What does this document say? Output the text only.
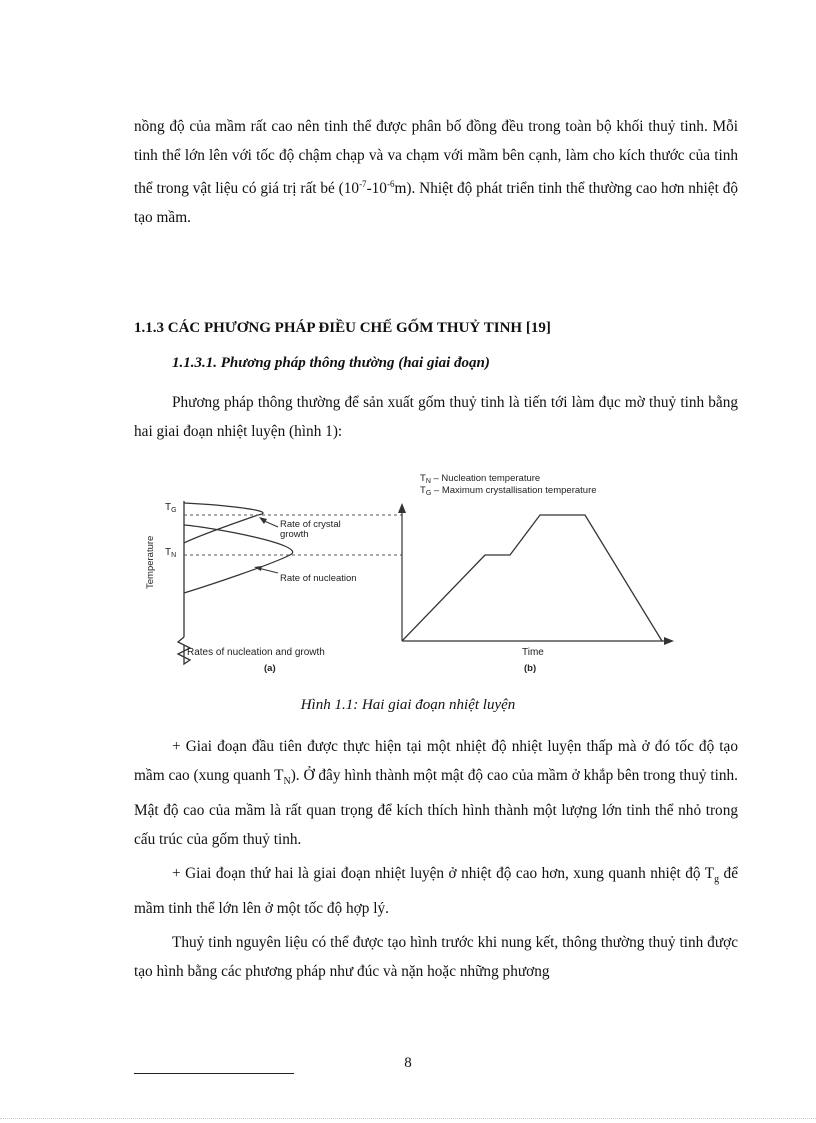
nồng độ của mầm rất cao nên tinh thể được phân bố đồng đều trong toàn bộ khối thuỷ tinh. Mỗi tinh thể lớn lên với tốc độ chậm chạp và va chạm với mầm bên cạnh, làm cho kích thước của tinh thể trong vật liệu có giá trị rất bé $(10^{-7}-10^{-6}m)$. Nhiệt độ phát triển tinh thể thường cao hơn nhiệt độ tạo mầm.

1.1.3 CÁC PHƯƠNG PHÁP ĐIỀU CHẾ GỐM THUỶ TINH [19]

1.1.3.1. Phương pháp thông thường (hai giai đoạn)

Phương pháp thông thường để sản xuất gốm thuỷ tinh là tiến tới làm đục mờ thuỷ tinh bằng hai giai đoạn nhiệt luyện (hình 1):

$T_G$
$T_N$
Temperature
Rate of crystal
growth
Rate of nucleation
Rates of nucleation and growth
(a)
$T_N$ – Nucleation temperature
$T_G$ – Maximum crystallisation temperature
Time
(b)

Hình 1.1: Hai giai đoạn nhiệt luyện

+ Giai đoạn đầu tiên được thực hiện tại một nhiệt độ nhiệt luyện thấp mà ở đó tốc độ tạo mầm cao (xung quanh $T_N$). Ở đây hình thành một mật độ cao của mầm ở khắp bên trong thuỷ tinh. Mật độ cao của mầm là rất quan trọng để kích thích hình thành một lượng lớn tinh thể nhỏ trong cấu trúc của gốm thuỷ tinh.

+ Giai đoạn thứ hai là giai đoạn nhiệt luyện ở nhiệt độ cao hơn, xung quanh nhiệt độ $T_g$ để mầm tinh thể lớn lên ở một tốc độ hợp lý.

Thuỷ tinh nguyên liệu có thể được tạo hình trước khi nung kết, thông thường thuỷ tinh được tạo hình bằng các phương pháp như đúc và nặn hoặc những phương

8
